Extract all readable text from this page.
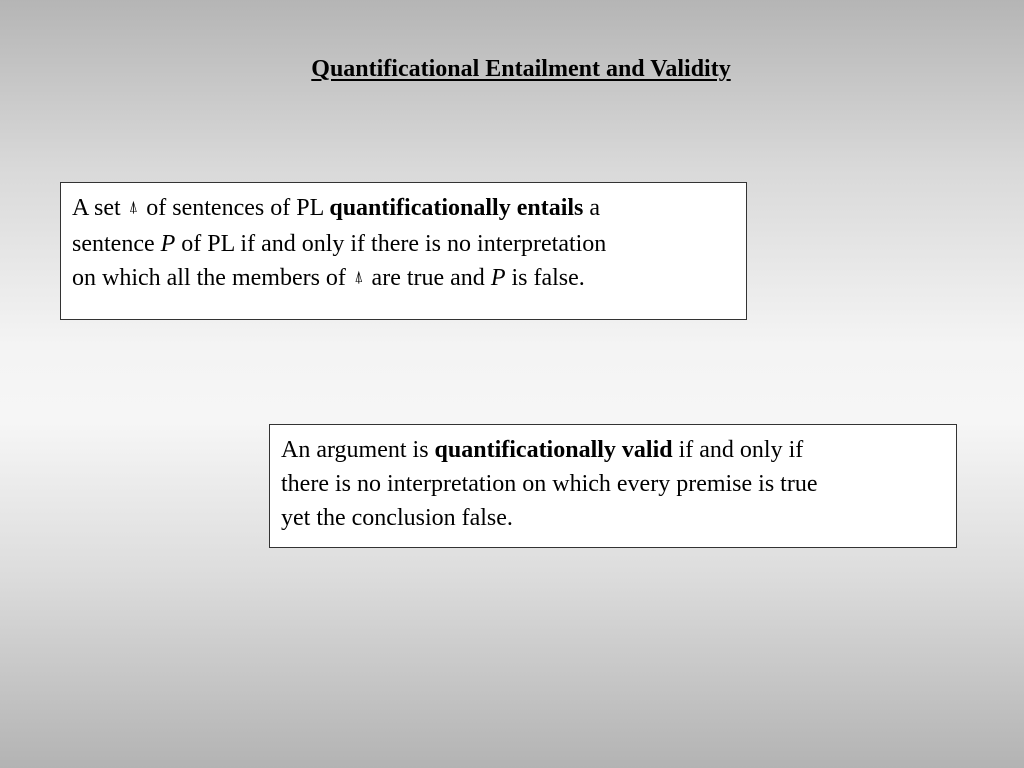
Quantificational Entailment and Validity
A set ⍋ of sentences of PL quantificationally entails a
sentence P of PL if and only if there is no interpretation
on which all the members of ⍋ are true and P is false.
An argument is quantificationally valid if and only if
there is no interpretation on which every premise is true
yet the conclusion false.
